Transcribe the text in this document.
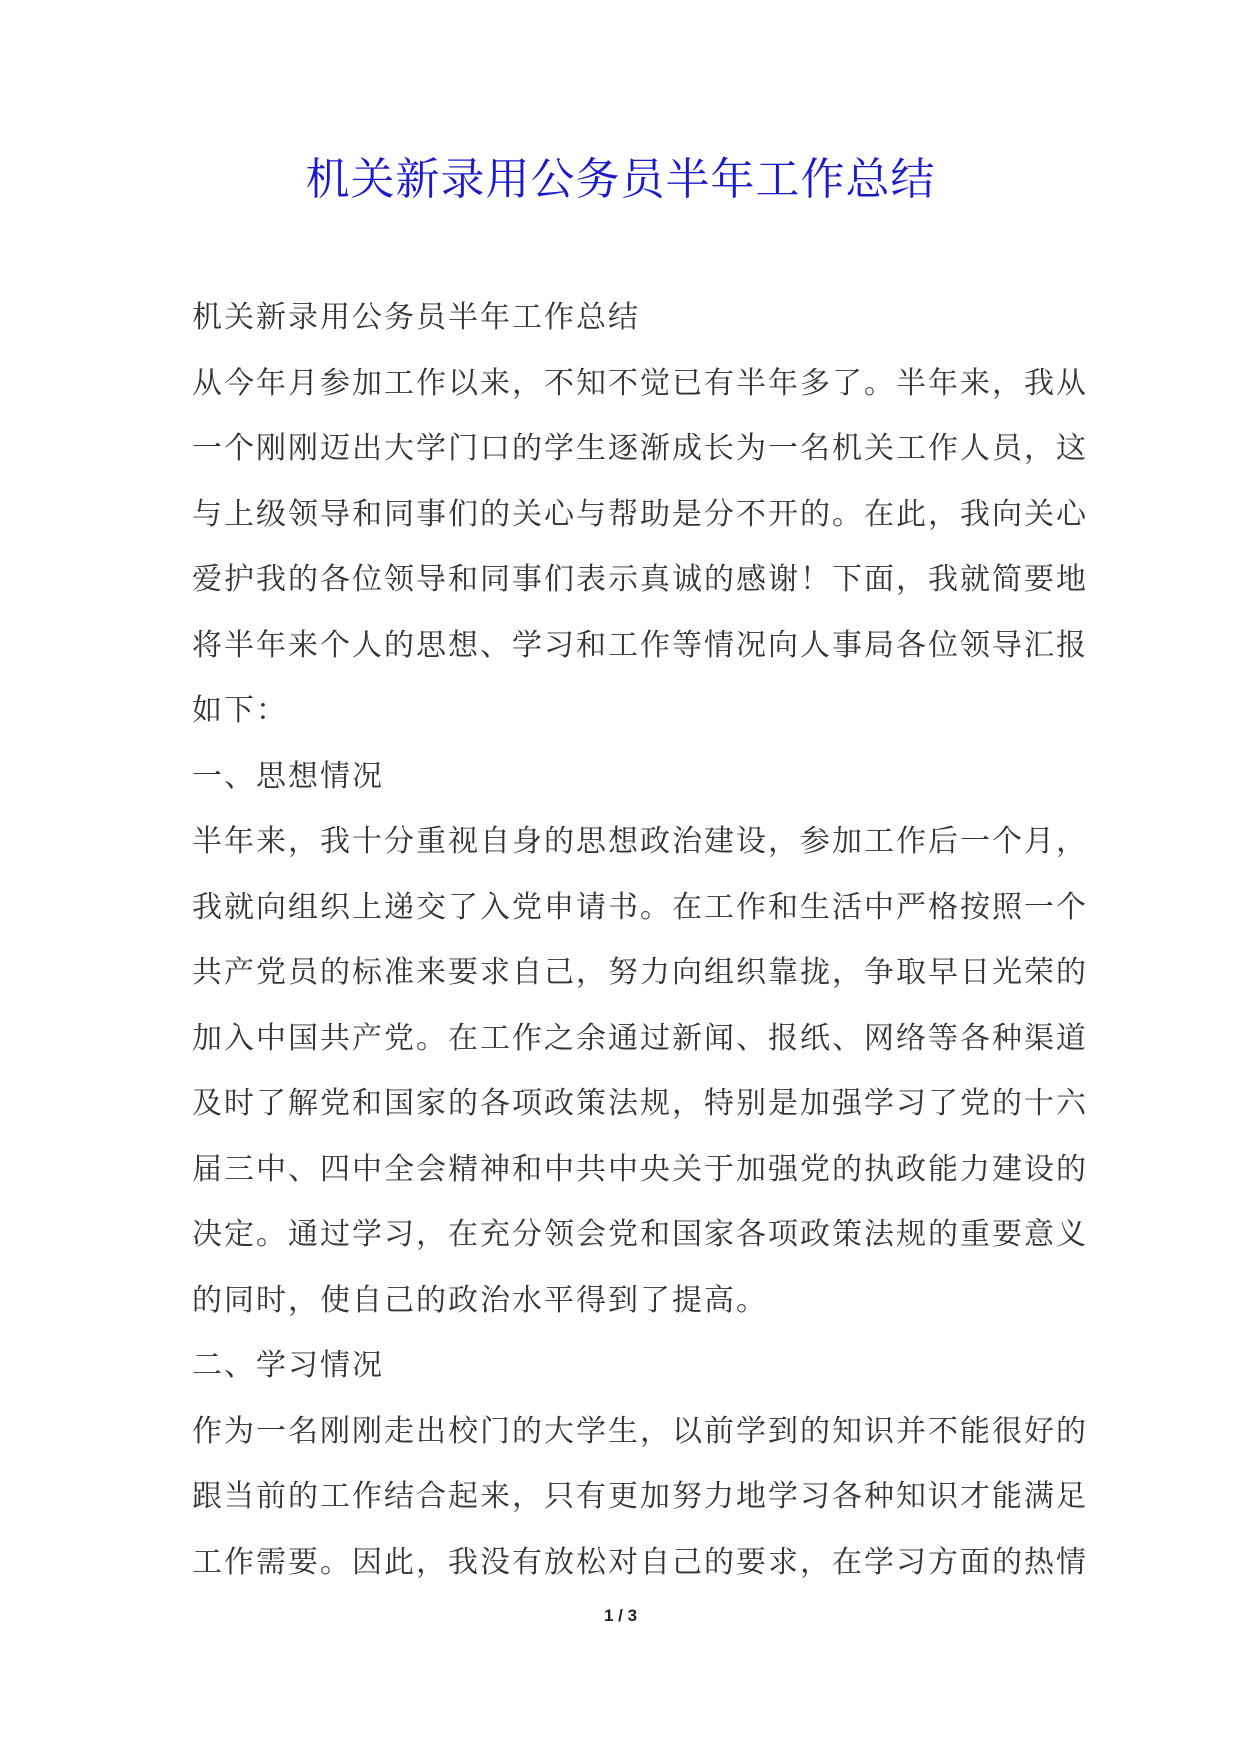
机关新录用公务员半年工作总结
机关新录用公务员半年工作总结
从今年月参加工作以来，不知不觉已有半年多了。半年来，我从
一个刚刚迈出大学门口的学生逐渐成长为一名机关工作人员，这
与上级领导和同事们的关心与帮助是分不开的。在此，我向关心
爱护我的各位领导和同事们表示真诚的感谢！下面，我就简要地
将半年来个人的思想、学习和工作等情况向人事局各位领导汇报
如下：
一、思想情况
半年来，我十分重视自身的思想政治建设，参加工作后一个月，
我就向组织上递交了入党申请书。在工作和生活中严格按照一个
共产党员的标准来要求自己，努力向组织靠拢，争取早日光荣的
加入中国共产党。在工作之余通过新闻、报纸、网络等各种渠道
及时了解党和国家的各项政策法规，特别是加强学习了党的十六
届三中、四中全会精神和中共中央关于加强党的执政能力建设的
决定。通过学习，在充分领会党和国家各项政策法规的重要意义
的同时，使自己的政治水平得到了提高。
二、学习情况
作为一名刚刚走出校门的大学生，以前学到的知识并不能很好的
跟当前的工作结合起来，只有更加努力地学习各种知识才能满足
工作需要。因此，我没有放松对自己的要求，在学习方面的热情
1 / 3
